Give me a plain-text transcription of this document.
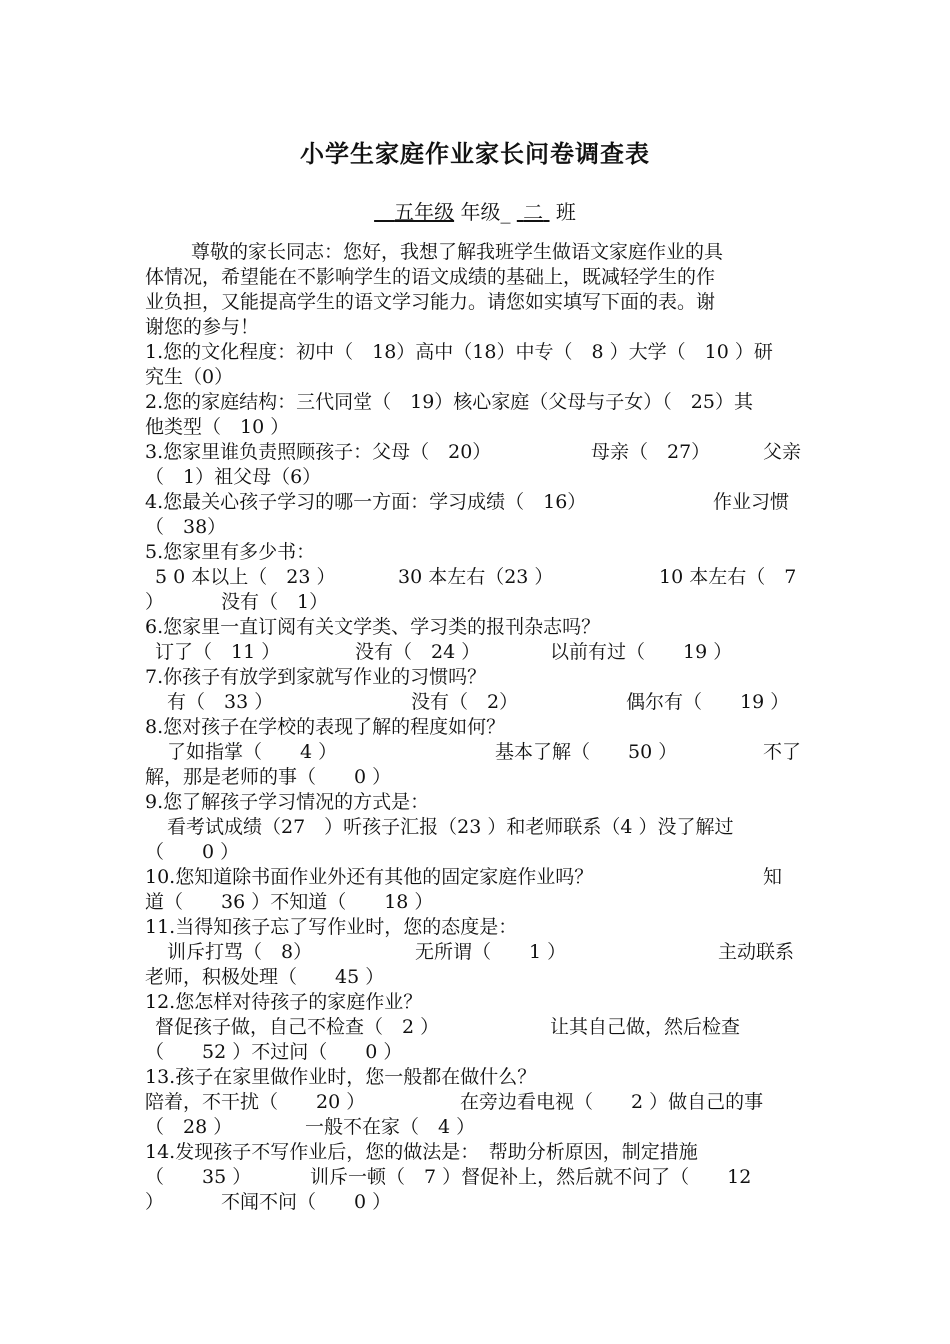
小学生家庭作业家长问卷调查表
　五年级 年级_ 二 班
尊敬的家长同志：您好，我想了解我班学生做语文家庭作业的具
体情况，希望能在不影响学生的语文成绩的基础上，既减轻学生的作
业负担，又能提高学生的语文学习能力。请您如实填写下面的表。谢
谢您的参与！
1.您的文化程度：初中（　18）高中（18）中专（　8 ）大学（　10 ）研
究生（0）
2.您的家庭结构：三代同堂（　19）核心家庭（父母与子女）（　25）其
他类型（　10 ）
3.您家里谁负责照顾孩子：父母（　20）	母亲（　27）	父亲
（　1）祖父母（6）
4.您最关心孩子学习的哪一方面：学习成绩（　16）	作业习惯
（　38）
5.您家里有多少书：
5 0 本以上（　23 ）	30 本左右（23 ）	10 本左右（　7
）	没有（　1）
6.您家里一直订阅有关文学类、学习类的报刊杂志吗？
订了（　11 ）	没有（　24 ）	以前有过（　　19 ）
7.你孩子有放学到家就写作业的习惯吗？
有（　33 ）	没有（　2）	偶尔有（　　19 ）
8.您对孩子在学校的表现了解的程度如何？
了如指掌（　　4 ）	基本了解（　　50 ）	不了
解，那是老师的事（　　0 ）
9.您了解孩子学习情况的方式是：
看考试成绩（27　）听孩子汇报（23 ）和老师联系（4 ）没了解过
（　　0 ）
10.您知道除书面作业外还有其他的固定家庭作业吗？	知
道（　　36 ）不知道（　　18 ）
11.当得知孩子忘了写作业时，您的态度是：
训斥打骂（　8）	无所谓（　　1 ）	主动联系
老师，积极处理（　　45 ）
12.您怎样对待孩子的家庭作业？
督促孩子做，自己不检查（　2 ）	让其自己做，然后检查
（　　52 ）不过问（　　0 ）
13.孩子在家里做作业时，您一般都在做什么？
陪着，不干扰（　　20 ）	在旁边看电视（　　2 ）做自己的事
（　28 ）	一般不在家（　4 ）
14.发现孩子不写作业后，您的做法是：　帮助分析原因，制定措施
（　　35 ）	训斥一顿（　7 ）督促补上，然后就不问了（　　12
）	不闻不问（　　0 ）
